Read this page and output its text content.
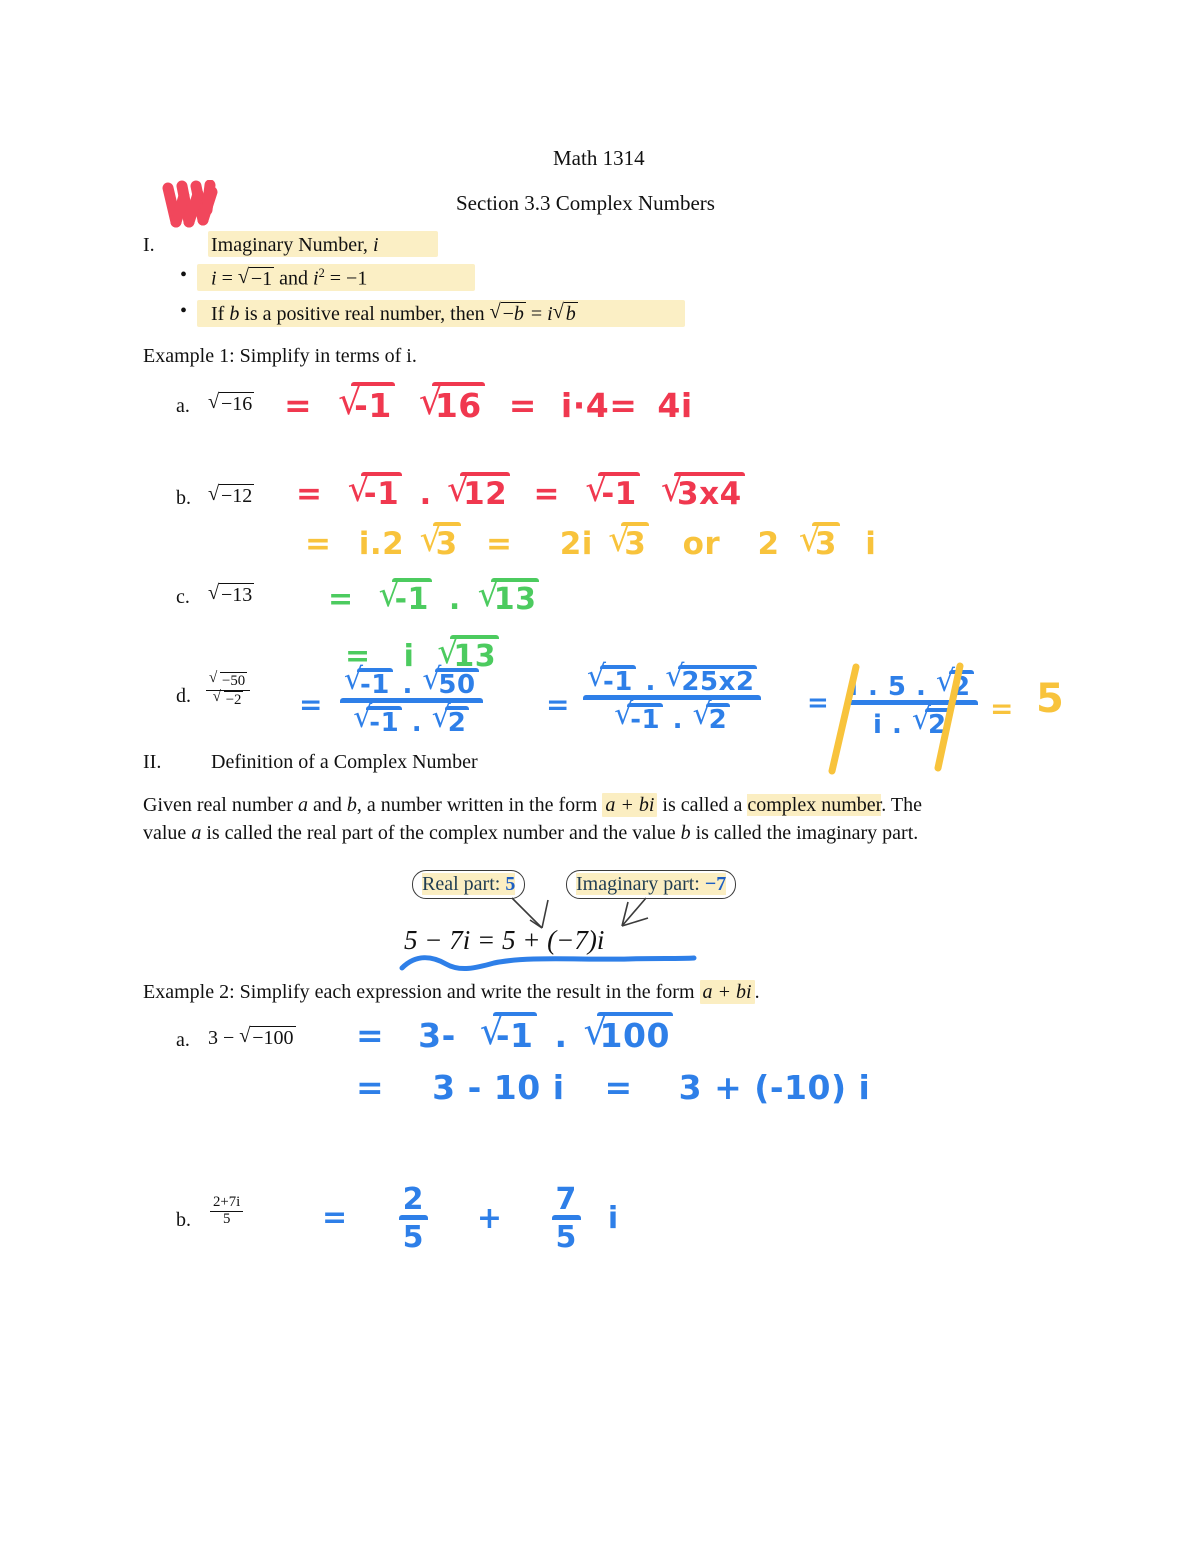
Math 1314
Section 3.3 Complex Numbers
I.	Imaginary Number, i
• i = √ −1 and $i^2 = -1$
• If b is a positive real number, then √ −b = i √ b
Example 1: Simplify in terms of i.
a.	√ −16 = √ -1 √ 16 = i·4= 4i
b.	√ −12 = √ -1 . √ 12 = √ -1 √ 3x4
= i.2 √ 3 = 2i √ 3 or 2 √ 3 i
c.	√ −13	= √ -1 . √ 13
= i √ 13
d. √ −50
√ −2 = √ -1 . √ 50
√ -1 . √ 2 = √ -1 . √ 25x2
√ -1 . √ $2 = \frac{i . 5 . √ 2}{i . √ 2} = 5$
II. Definition of a Complex Number
Given real number a and b, a number written in the form a + bi is called a complex number. The
value a is called the real part of the complex number and the value b is called the imaginary part.
Real part: 5	Imaginary part: −7
5 − 7i = 5 + (−7)i
Example 2: Simplify each expression and write the result in the form a + bi .
a. 3 − √ −100 = 3- √ -1 . √ 100
= 3 - 10 i = 3 + (-10) i
b. $\frac{2+7i}{5}$	= $\frac{2}{5} + \frac{7}{5}$ i
